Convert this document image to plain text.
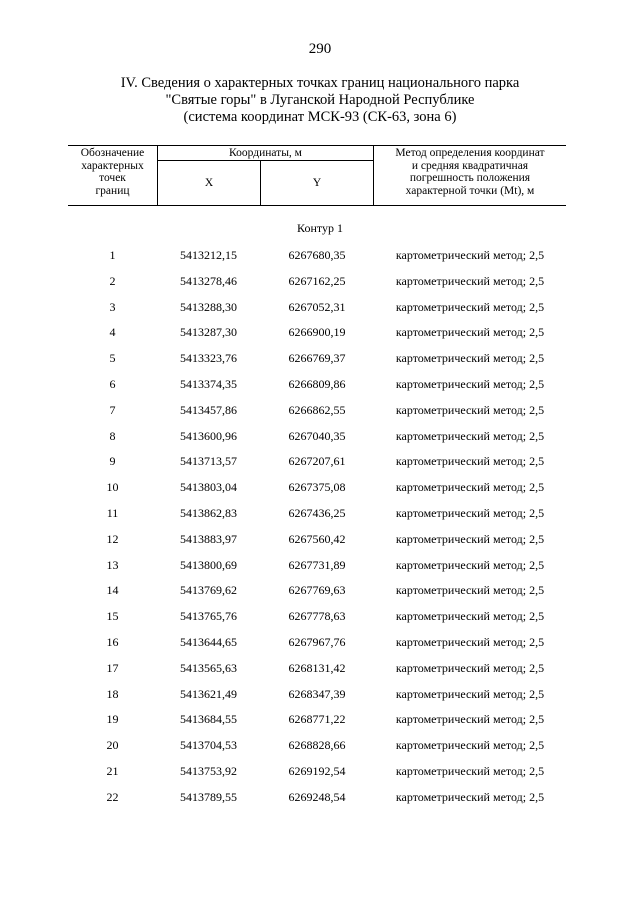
290
IV. Сведения о характерных точках границ национального парка
"Святые горы" в Луганской Народной Республике
(система координат МСК-93 (СК-63, зона 6)
Обозначение
характерных
точек
границ
Координаты, м
X	Y
Метод определения координат
и средняя квадратичная
погрешность положения
характерной точки (Mt), м
Контур 1
1	5413212,15	6267680,35	картометрический метод; 2,5
2	5413278,46	6267162,25	картометрический метод; 2,5
3	5413288,30	6267052,31	картометрический метод; 2,5
4	5413287,30	6266900,19	картометрический метод; 2,5
5	5413323,76	6266769,37	картометрический метод; 2,5
6	5413374,35	6266809,86	картометрический метод; 2,5
7	5413457,86	6266862,55	картометрический метод; 2,5
8	5413600,96	6267040,35	картометрический метод; 2,5
9	5413713,57	6267207,61	картометрический метод; 2,5
10	5413803,04	6267375,08	картометрический метод; 2,5
11	5413862,83	6267436,25	картометрический метод; 2,5
12	5413883,97	6267560,42	картометрический метод; 2,5
13	5413800,69	6267731,89	картометрический метод; 2,5
14	5413769,62	6267769,63	картометрический метод; 2,5
15	5413765,76	6267778,63	картометрический метод; 2,5
16	5413644,65	6267967,76	картометрический метод; 2,5
17	5413565,63	6268131,42	картометрический метод; 2,5
18	5413621,49	6268347,39	картометрический метод; 2,5
19	5413684,55	6268771,22	картометрический метод; 2,5
20	5413704,53	6268828,66	картометрический метод; 2,5
21	5413753,92	6269192,54	картометрический метод; 2,5
22	5413789,55	6269248,54	картометрический метод; 2,5
